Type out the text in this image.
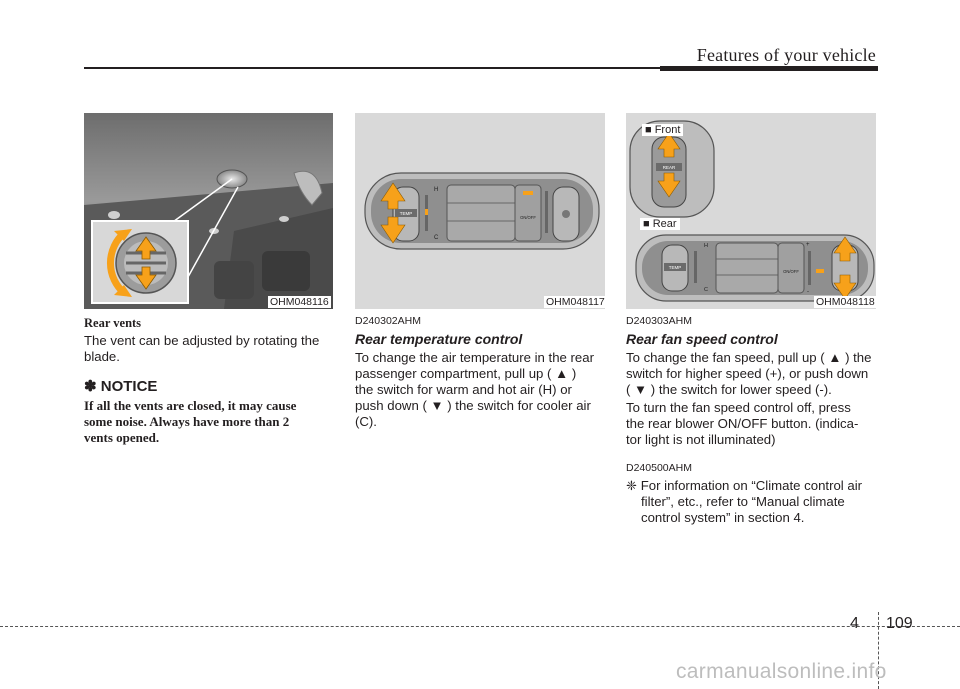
Features of your vehicle
OHM048116
TEMP
H
C
ON/OFF
OHM048117
REAR
TEMP
H
C
ON/OFF
+
-
■ Front
■ Rear
OHM048118
Rear vents
The vent can be adjusted by rotating the
blade.
✽ NOTICE
If all the vents are closed, it may cause
some noise. Always have more than 2
vents opened.
D240302AHM
Rear temperature control
To change the air temperature in the rear
passenger compartment, pull up ( ▲ )
the switch for warm and hot air (H) or
push down ( ▼ ) the switch for cooler air
(C).
D240303AHM
Rear fan speed control
To change the fan speed, pull up ( ▲ ) the
switch for higher speed (+), or push down
( ▼ ) the switch for lower speed (-).
To turn the fan speed control off, press
the rear blower ON/OFF button. (indica-
tor light is not illuminated)
D240500AHM
❈ For information on “Climate control air
filter”, etc., refer to “Manual climate
control system” in section 4.
4 109
carmanualsonline.info
